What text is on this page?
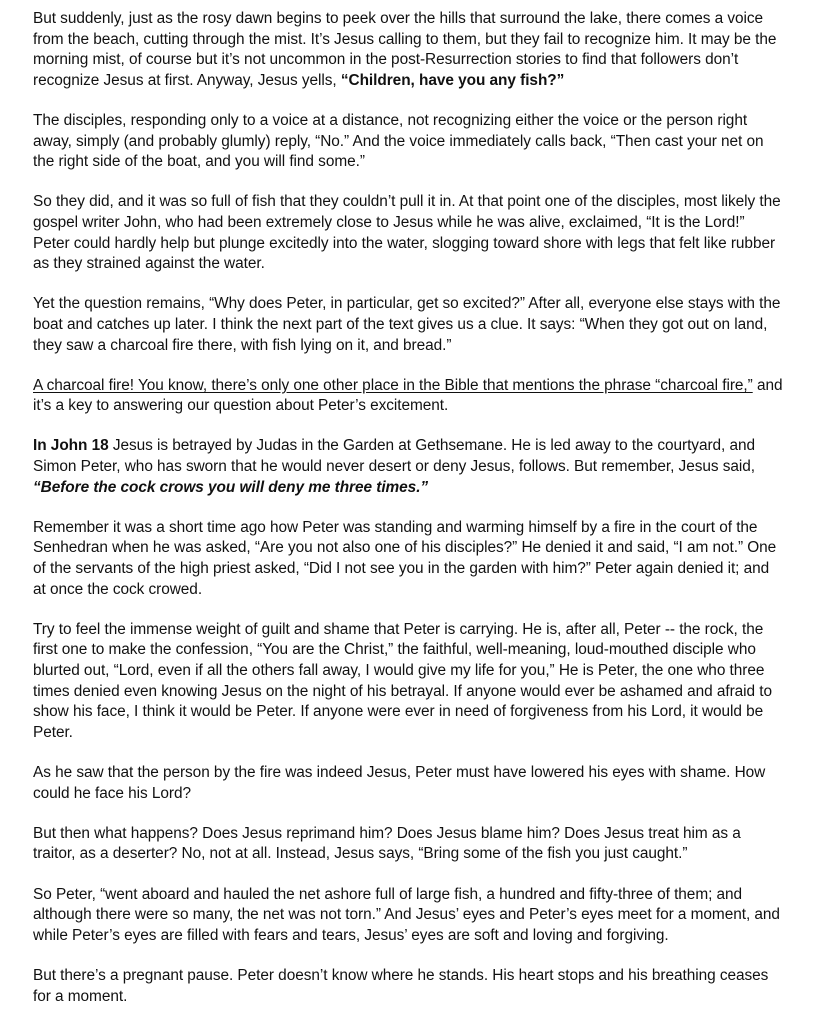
But suddenly, just as the rosy dawn begins to peek over the hills that surround the lake, there comes a voice from the beach, cutting through the mist. It’s Jesus calling to them, but they fail to recognize him. It may be the morning mist, of course but it’s not uncommon in the post-Resurrection stories to find that followers don’t recognize Jesus at first. Anyway, Jesus yells, “Children, have you any fish?”

The disciples, responding only to a voice at a distance, not recognizing either the voice or the person right away, simply (and probably glumly) reply, “No.” And the voice immediately calls back, “Then cast your net on the right side of the boat, and you will find some.”

So they did, and it was so full of fish that they couldn’t pull it in. At that point one of the disciples, most likely the gospel writer John, who had been extremely close to Jesus while he was alive, exclaimed, “It is the Lord!” Peter could hardly help but plunge excitedly into the water, slogging toward shore with legs that felt like rubber as they strained against the water.

Yet the question remains, “Why does Peter, in particular, get so excited?” After all, everyone else stays with the boat and catches up later. I think the next part of the text gives us a clue. It says: “When they got out on land, they saw a charcoal fire there, with fish lying on it, and bread.”

A charcoal fire! You know, there’s only one other place in the Bible that mentions the phrase “charcoal fire,” and it’s a key to answering our question about Peter’s excitement.

In John 18 Jesus is betrayed by Judas in the Garden at Gethsemane. He is led away to the courtyard, and Simon Peter, who has sworn that he would never desert or deny Jesus, follows. But remember, Jesus said, “Before the cock crows you will deny me three times.”

Remember it was a short time ago how Peter was standing and warming himself by a fire in the court of the Senhedran when he was asked, “Are you not also one of his disciples?” He denied it and said, “I am not.” One of the servants of the high priest asked, “Did I not see you in the garden with him?” Peter again denied it; and at once the cock crowed.

Try to feel the immense weight of guilt and shame that Peter is carrying. He is, after all, Peter -- the rock, the first one to make the confession, “You are the Christ,” the faithful, well-meaning, loud-mouthed disciple who blurted out, “Lord, even if all the others fall away, I would give my life for you,” He is Peter, the one who three times denied even knowing Jesus on the night of his betrayal. If anyone would ever be ashamed and afraid to show his face, I think it would be Peter. If anyone were ever in need of forgiveness from his Lord, it would be Peter.

As he saw that the person by the fire was indeed Jesus, Peter must have lowered his eyes with shame. How could he face his Lord?

But then what happens? Does Jesus reprimand him? Does Jesus blame him? Does Jesus treat him as a traitor, as a deserter? No, not at all. Instead, Jesus says, “Bring some of the fish you just caught.”

So Peter, “went aboard and hauled the net ashore full of large fish, a hundred and fifty-three of them; and although there were so many, the net was not torn.” And Jesus’ eyes and Peter’s eyes meet for a moment, and while Peter’s eyes are filled with fears and tears, Jesus’ eyes are soft and loving and forgiving.

But there’s a pregnant pause. Peter doesn’t know where he stands. His heart stops and his breathing ceases for a moment.
